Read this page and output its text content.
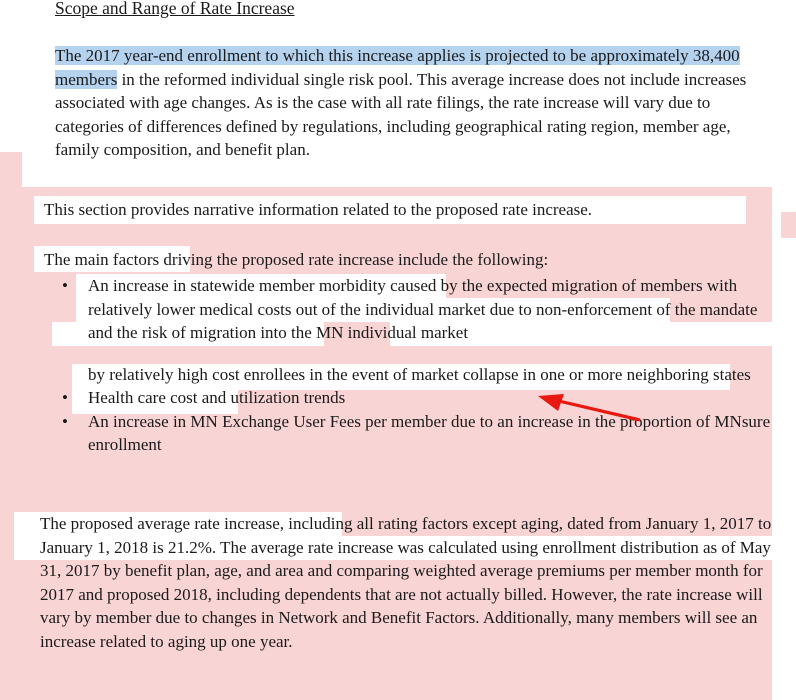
Scope and Range of Rate Increase
The 2017 year-end enrollment to which this increase applies is projected to be approximately 38,400 members in the reformed individual single risk pool. This average increase does not include increases associated with age changes. As is the case with all rate filings, the rate increase will vary due to categories of differences defined by regulations, including geographical rating region, member age, family composition, and benefit plan.
This section provides narrative information related to the proposed rate increase.
The main factors driving the proposed rate increase include the following:
• An increase in statewide member morbidity caused by the expected migration of members with relatively lower medical costs out of the individual market due to non-enforcement of the mandate and the risk of migration into the MN individual market
by relatively high cost enrollees in the event of market collapse in one or more neighboring states
• Health care cost and utilization trends
• An increase in MN Exchange User Fees per member due to an increase in the proportion of MNsure enrollment
The proposed average rate increase, including all rating factors except aging, dated from January 1, 2017 to January 1, 2018 is 21.2%. The average rate increase was calculated using enrollment distribution as of May 31, 2017 by benefit plan, age, and area and comparing weighted average premiums per member month for 2017 and proposed 2018, including dependents that are not actually billed. However, the rate increase will vary by member due to changes in Network and Benefit Factors. Additionally, many members will see an increase related to aging up one year.
